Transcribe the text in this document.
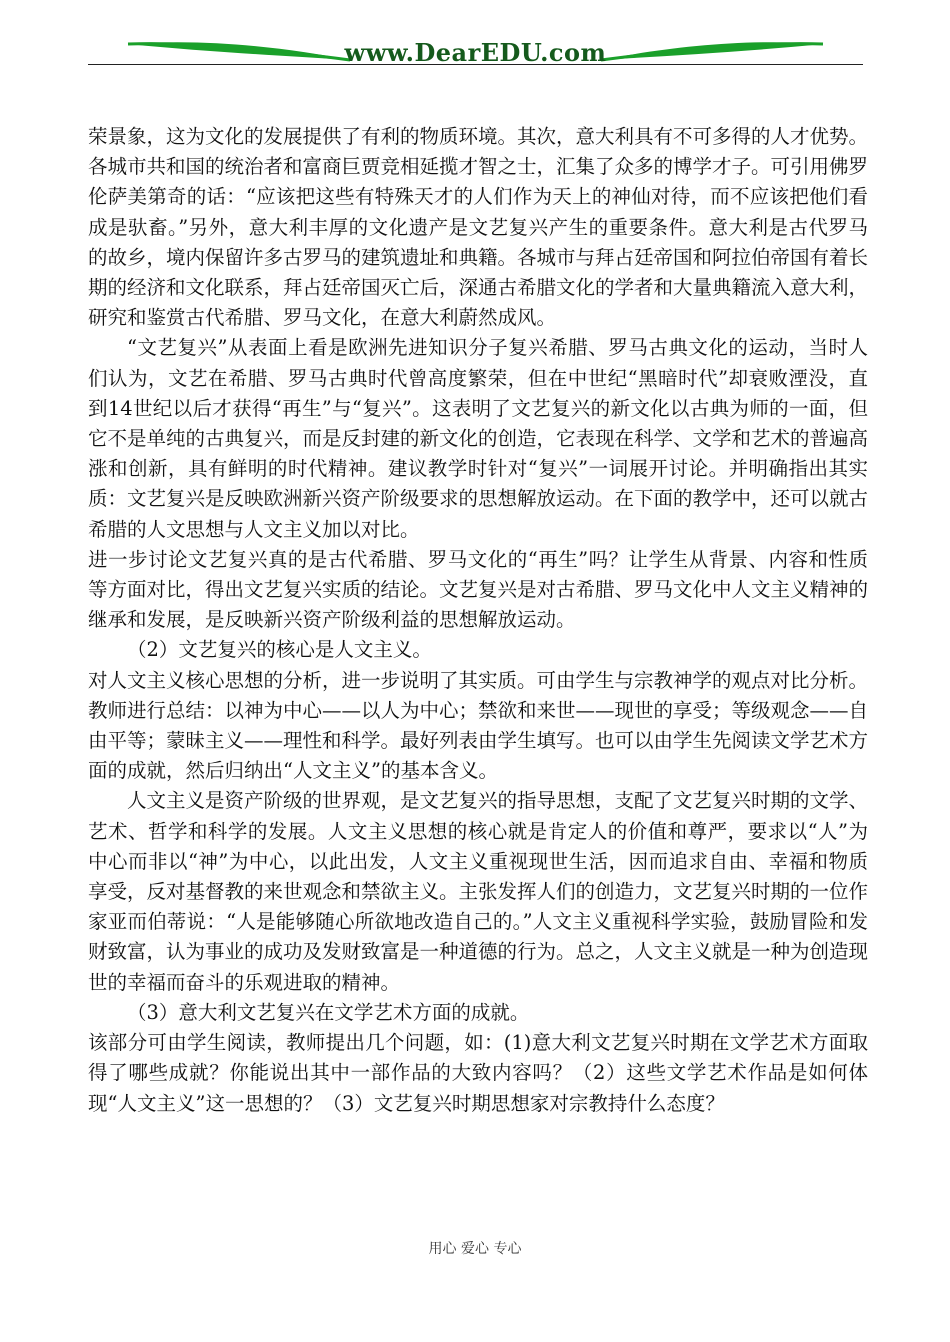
www.DearEDU.com

荣景象，这为文化的发展提供了有利的物质环境。其次，意大利具有不可多得的人才优势。各城市共和国的统治者和富商巨贾竞相延揽才智之士，汇集了众多的博学才子。可引用佛罗伦萨美第奇的话：“应该把这些有特殊天才的人们作为天上的神仙对待，而不应该把他们看成是驮畜。”另外，意大利丰厚的文化遗产是文艺复兴产生的重要条件。意大利是古代罗马的故乡，境内保留许多古罗马的建筑遗址和典籍。各城市与拜占廷帝国和阿拉伯帝国有着长期的经济和文化联系，拜占廷帝国灭亡后，深通古希腊文化的学者和大量典籍流入意大利，研究和鉴赏古代希腊、罗马文化，在意大利蔚然成风。

“文艺复兴”从表面上看是欧洲先进知识分子复兴希腊、罗马古典文化的运动，当时人们认为，文艺在希腊、罗马古典时代曾高度繁荣，但在中世纪“黑暗时代”却衰败湮没，直到14世纪以后才获得“再生”与“复兴”。这表明了文艺复兴的新文化以古典为师的一面，但它不是单纯的古典复兴，而是反封建的新文化的创造，它表现在科学、文学和艺术的普遍高涨和创新，具有鲜明的时代精神。建议教学时针对“复兴”一词展开讨论。并明确指出其实质：文艺复兴是反映欧洲新兴资产阶级要求的思想解放运动。在下面的教学中，还可以就古希腊的人文思想与人文主义加以对比。

进一步讨论文艺复兴真的是古代希腊、罗马文化的“再生”吗？让学生从背景、内容和性质等方面对比，得出文艺复兴实质的结论。文艺复兴是对古希腊、罗马文化中人文主义精神的继承和发展，是反映新兴资产阶级利益的思想解放运动。

（2）文艺复兴的核心是人文主义。

对人文主义核心思想的分析，进一步说明了其实质。可由学生与宗教神学的观点对比分析。教师进行总结：以神为中心——以人为中心；禁欲和来世——现世的享受；等级观念——自由平等；蒙昧主义——理性和科学。最好列表由学生填写。也可以由学生先阅读文学艺术方面的成就，然后归纳出“人文主义”的基本含义。

人文主义是资产阶级的世界观，是文艺复兴的指导思想，支配了文艺复兴时期的文学、艺术、哲学和科学的发展。人文主义思想的核心就是肯定人的价值和尊严，要求以“人”为中心而非以“神”为中心，以此出发，人文主义重视现世生活，因而追求自由、幸福和物质享受，反对基督教的来世观念和禁欲主义。主张发挥人们的创造力，文艺复兴时期的一位作家亚而伯蒂说：“人是能够随心所欲地改造自己的。”人文主义重视科学实验，鼓励冒险和发财致富，认为事业的成功及发财致富是一种道德的行为。总之，人文主义就是一种为创造现世的幸福而奋斗的乐观进取的精神。

（3）意大利文艺复兴在文学艺术方面的成就。

该部分可由学生阅读，教师提出几个问题，如：(1)意大利文艺复兴时期在文学艺术方面取得了哪些成就？你能说出其中一部作品的大致内容吗？（2）这些文学艺术作品是如何体现“人文主义”这一思想的？（3）文艺复兴时期思想家对宗教持什么态度？

用心 爱心 专心
